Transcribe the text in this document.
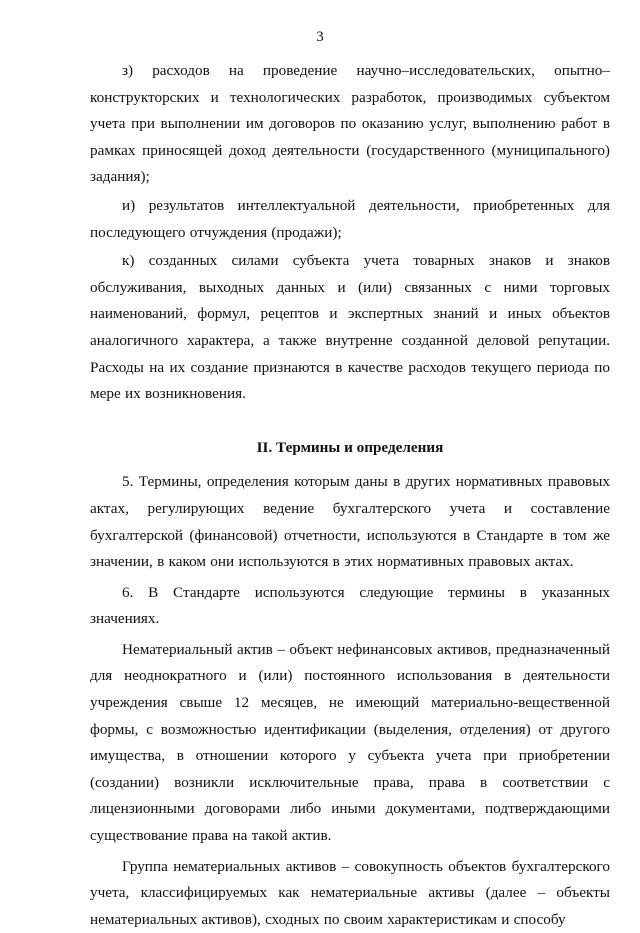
3

з) расходов на проведение научно–исследовательских, опытно–конструкторских и технологических разработок, производимых субъектом учета при выполнении им договоров по оказанию услуг, выполнению работ в рамках приносящей доход деятельности (государственного (муниципального) задания);

и) результатов интеллектуальной деятельности, приобретенных для последующего отчуждения (продажи);

к) созданных силами субъекта учета товарных знаков и знаков обслуживания, выходных данных и (или) связанных с ними торговых наименований, формул, рецептов и экспертных знаний и иных объектов аналогичного характера, а также внутренне созданной деловой репутации. Расходы на их создание признаются в качестве расходов текущего периода по мере их возникновения.

II. Термины и определения

5. Термины, определения которым даны в других нормативных правовых актах, регулирующих ведение бухгалтерского учета и составление бухгалтерской (финансовой) отчетности, используются в Стандарте в том же значении, в каком они используются в этих нормативных правовых актах.

6. В Стандарте используются следующие термины в указанных значениях.

Нематериальный актив – объект нефинансовых активов, предназначенный для неоднократного и (или) постоянного использования в деятельности учреждения свыше 12 месяцев, не имеющий материально-вещественной формы, с возможностью идентификации (выделения, отделения) от другого имущества, в отношении которого у субъекта учета при приобретении (создании) возникли исключительные права, права в соответствии с лицензионными договорами либо иными документами, подтверждающими существование права на такой актив.

Группа нематериальных активов – совокупность объектов бухгалтерского учета, классифицируемых как нематериальные активы (далее – объекты нематериальных активов), сходных по своим характеристикам и способу
